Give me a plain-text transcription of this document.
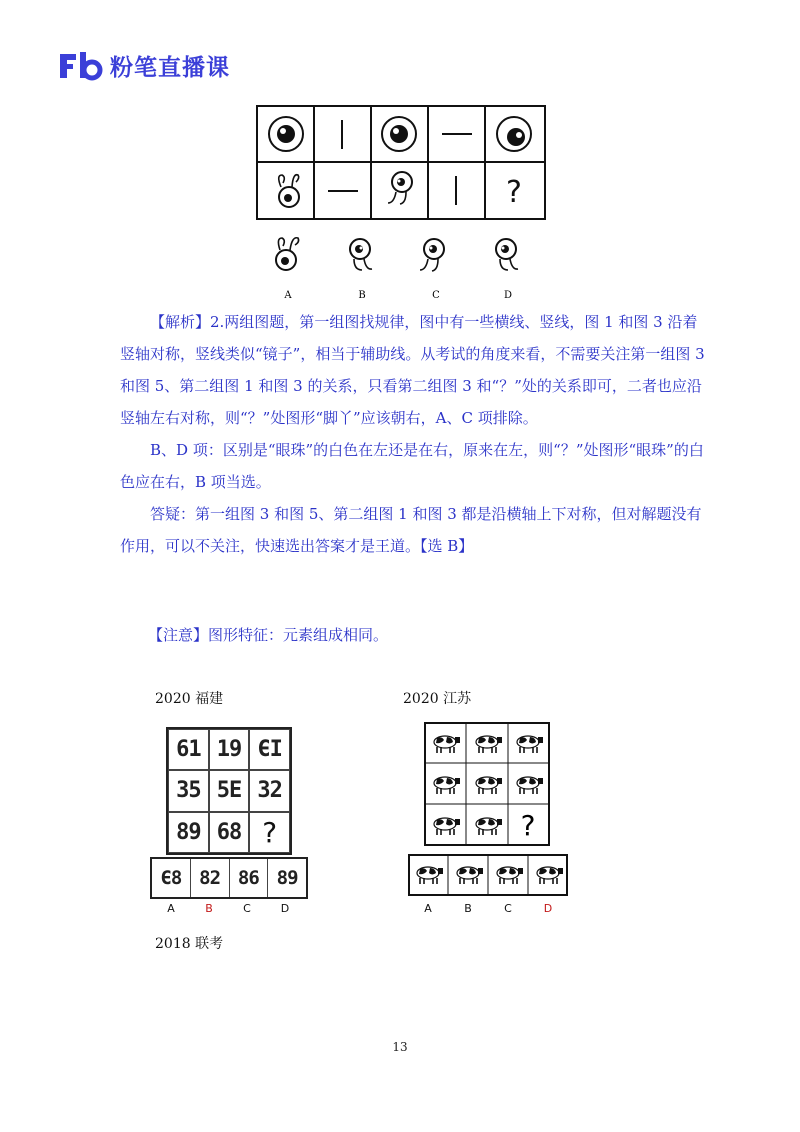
粉笔直播课
?
A	B	C	D

【解析】2.两组图题，第一组图找规律，图中有一些横线、竖线，图 1 和图 3 沿着竖轴对称，竖线类似“镜子”，相当于辅助线。从考试的角度来看，不需要关注第一组图 3 和图 5、第二组图 1 和图 3 的关系，只看第二组图 3 和“？”处的关系即可，二者也应沿竖轴左右对称，则“？”处图形“脚丫”应该朝右，A、C 项排除。

B、D 项：区别是“眼珠”的白色在左还是在右，原来在左，则“？”处图形“眼珠”的白色应在右，B 项当选。

答疑：第一组图 3 和图 5、第二组图 1 和图 3 都是沿横轴上下对称，但对解题没有作用，可以不关注，快速选出答案才是王道。【选 B】

【注意】图形特征：元素组成相同。
2020 福建
61 19 ЄI
35 5E 32
89 68 ?
Є8 82 86 89
A	B	C	D
2018 联考
2020 江苏
?
A	B	C	D
13
